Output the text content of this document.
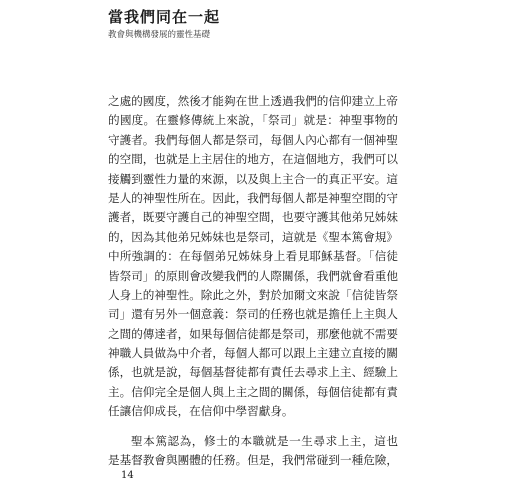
當我們同在一起
教會與機構發展的靈性基礎
之處的國度，然後才能夠在世上透過我們的信仰建立上帝
的國度。在靈修傳統上來說，「祭司」就是：神聖事物的
守護者。我們每個人都是祭司，每個人內心都有一個神聖
的空間，也就是上主居住的地方，在這個地方，我們可以
接觸到靈性力量的來源，以及與上主合一的真正平安。這
是人的神聖性所在。因此，我們每個人都是神聖空間的守
護者，既要守護自己的神聖空間，也要守護其他弟兄姊妹
的，因為其他弟兄姊妹也是祭司，這就是《聖本篤會規》
中所強調的：在每個弟兄姊妹身上看見耶穌基督。「信徒
皆祭司」的原則會改變我們的人際關係，我們就會看重他
人身上的神聖性。除此之外，對於加爾文來說「信徒皆祭
司」還有另外一個意義：祭司的任務也就是擔任上主與人
之間的傳達者，如果每個信徒都是祭司，那麼他就不需要
神職人員做為中介者，每個人都可以跟上主建立直接的關
係，也就是說，每個基督徒都有責任去尋求上主、經驗上
主。信仰完全是個人與上主之間的關係，每個信徒都有責
任讓信仰成長，在信仰中學習獻身。
聖本篤認為，修士的本職就是一生尋求上主，這也
是基督教會與團體的任務。但是，我們常碰到一種危險，
14
